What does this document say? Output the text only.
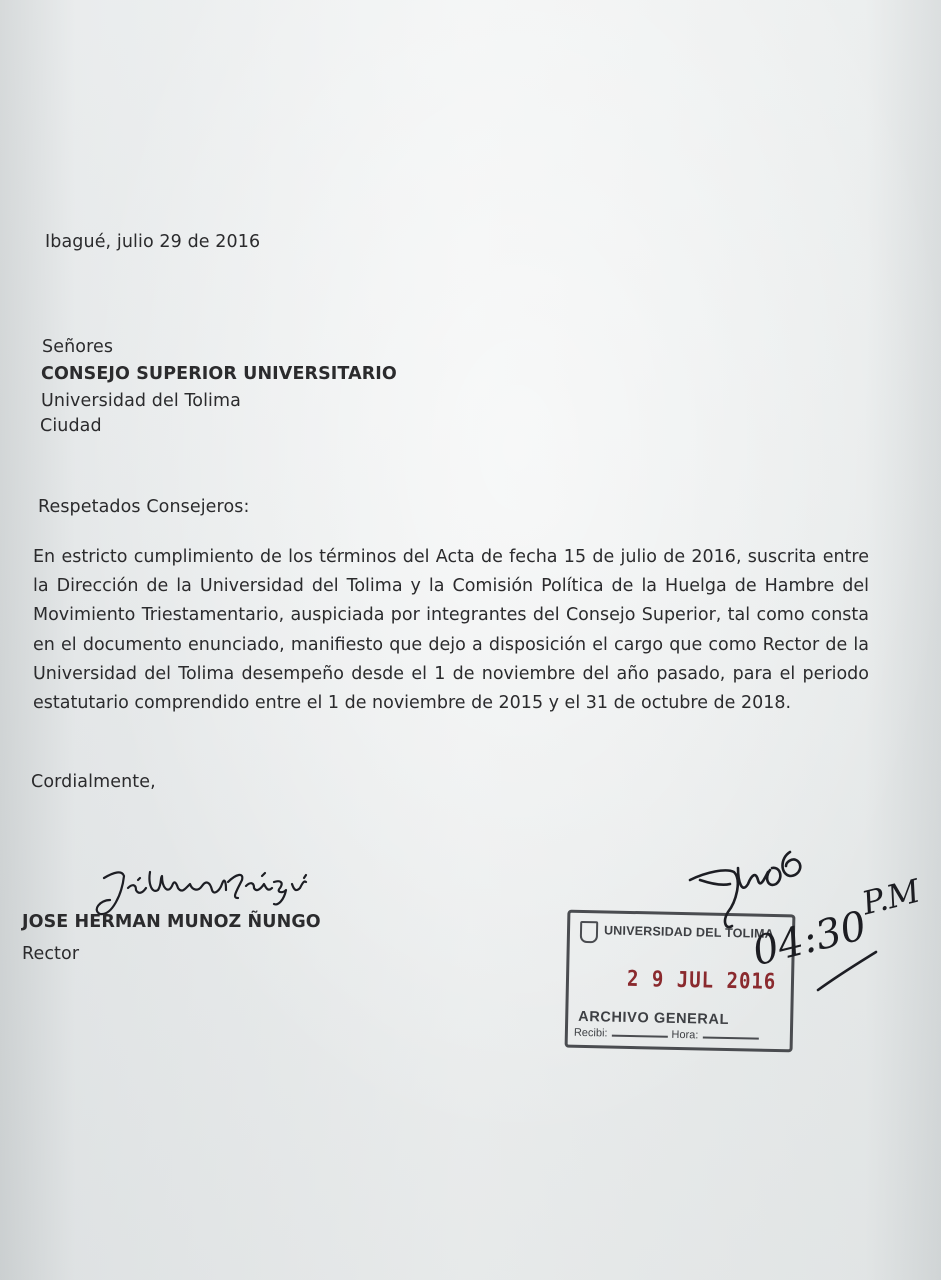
Ibagué, julio 29 de 2016
Señores
CONSEJO SUPERIOR UNIVERSITARIO
Universidad del Tolima
Ciudad
Respetados Consejeros:
En estricto cumplimiento de los términos del Acta de fecha 15 de julio de 2016, suscrita entre la Dirección de la Universidad del Tolima y la Comisión Política de la Huelga de Hambre del Movimiento Triestamentario, auspiciada por integrantes del Consejo Superior, tal como consta en el documento enunciado, manifiesto que dejo a disposición el cargo que como Rector de la Universidad del Tolima desempeño desde el 1 de noviembre del año pasado, para el periodo estatutario comprendido entre el 1 de noviembre de 2015 y el 31 de octubre de 2018.
Cordialmente,
JOSE HERMAN MUNOZ ÑUNGO
Rector
UNIVERSIDAD DEL TOLIMA
2 9 JUL 2016
ARCHIVO GENERAL
Recibi:	Hora:
04:30
P.M
